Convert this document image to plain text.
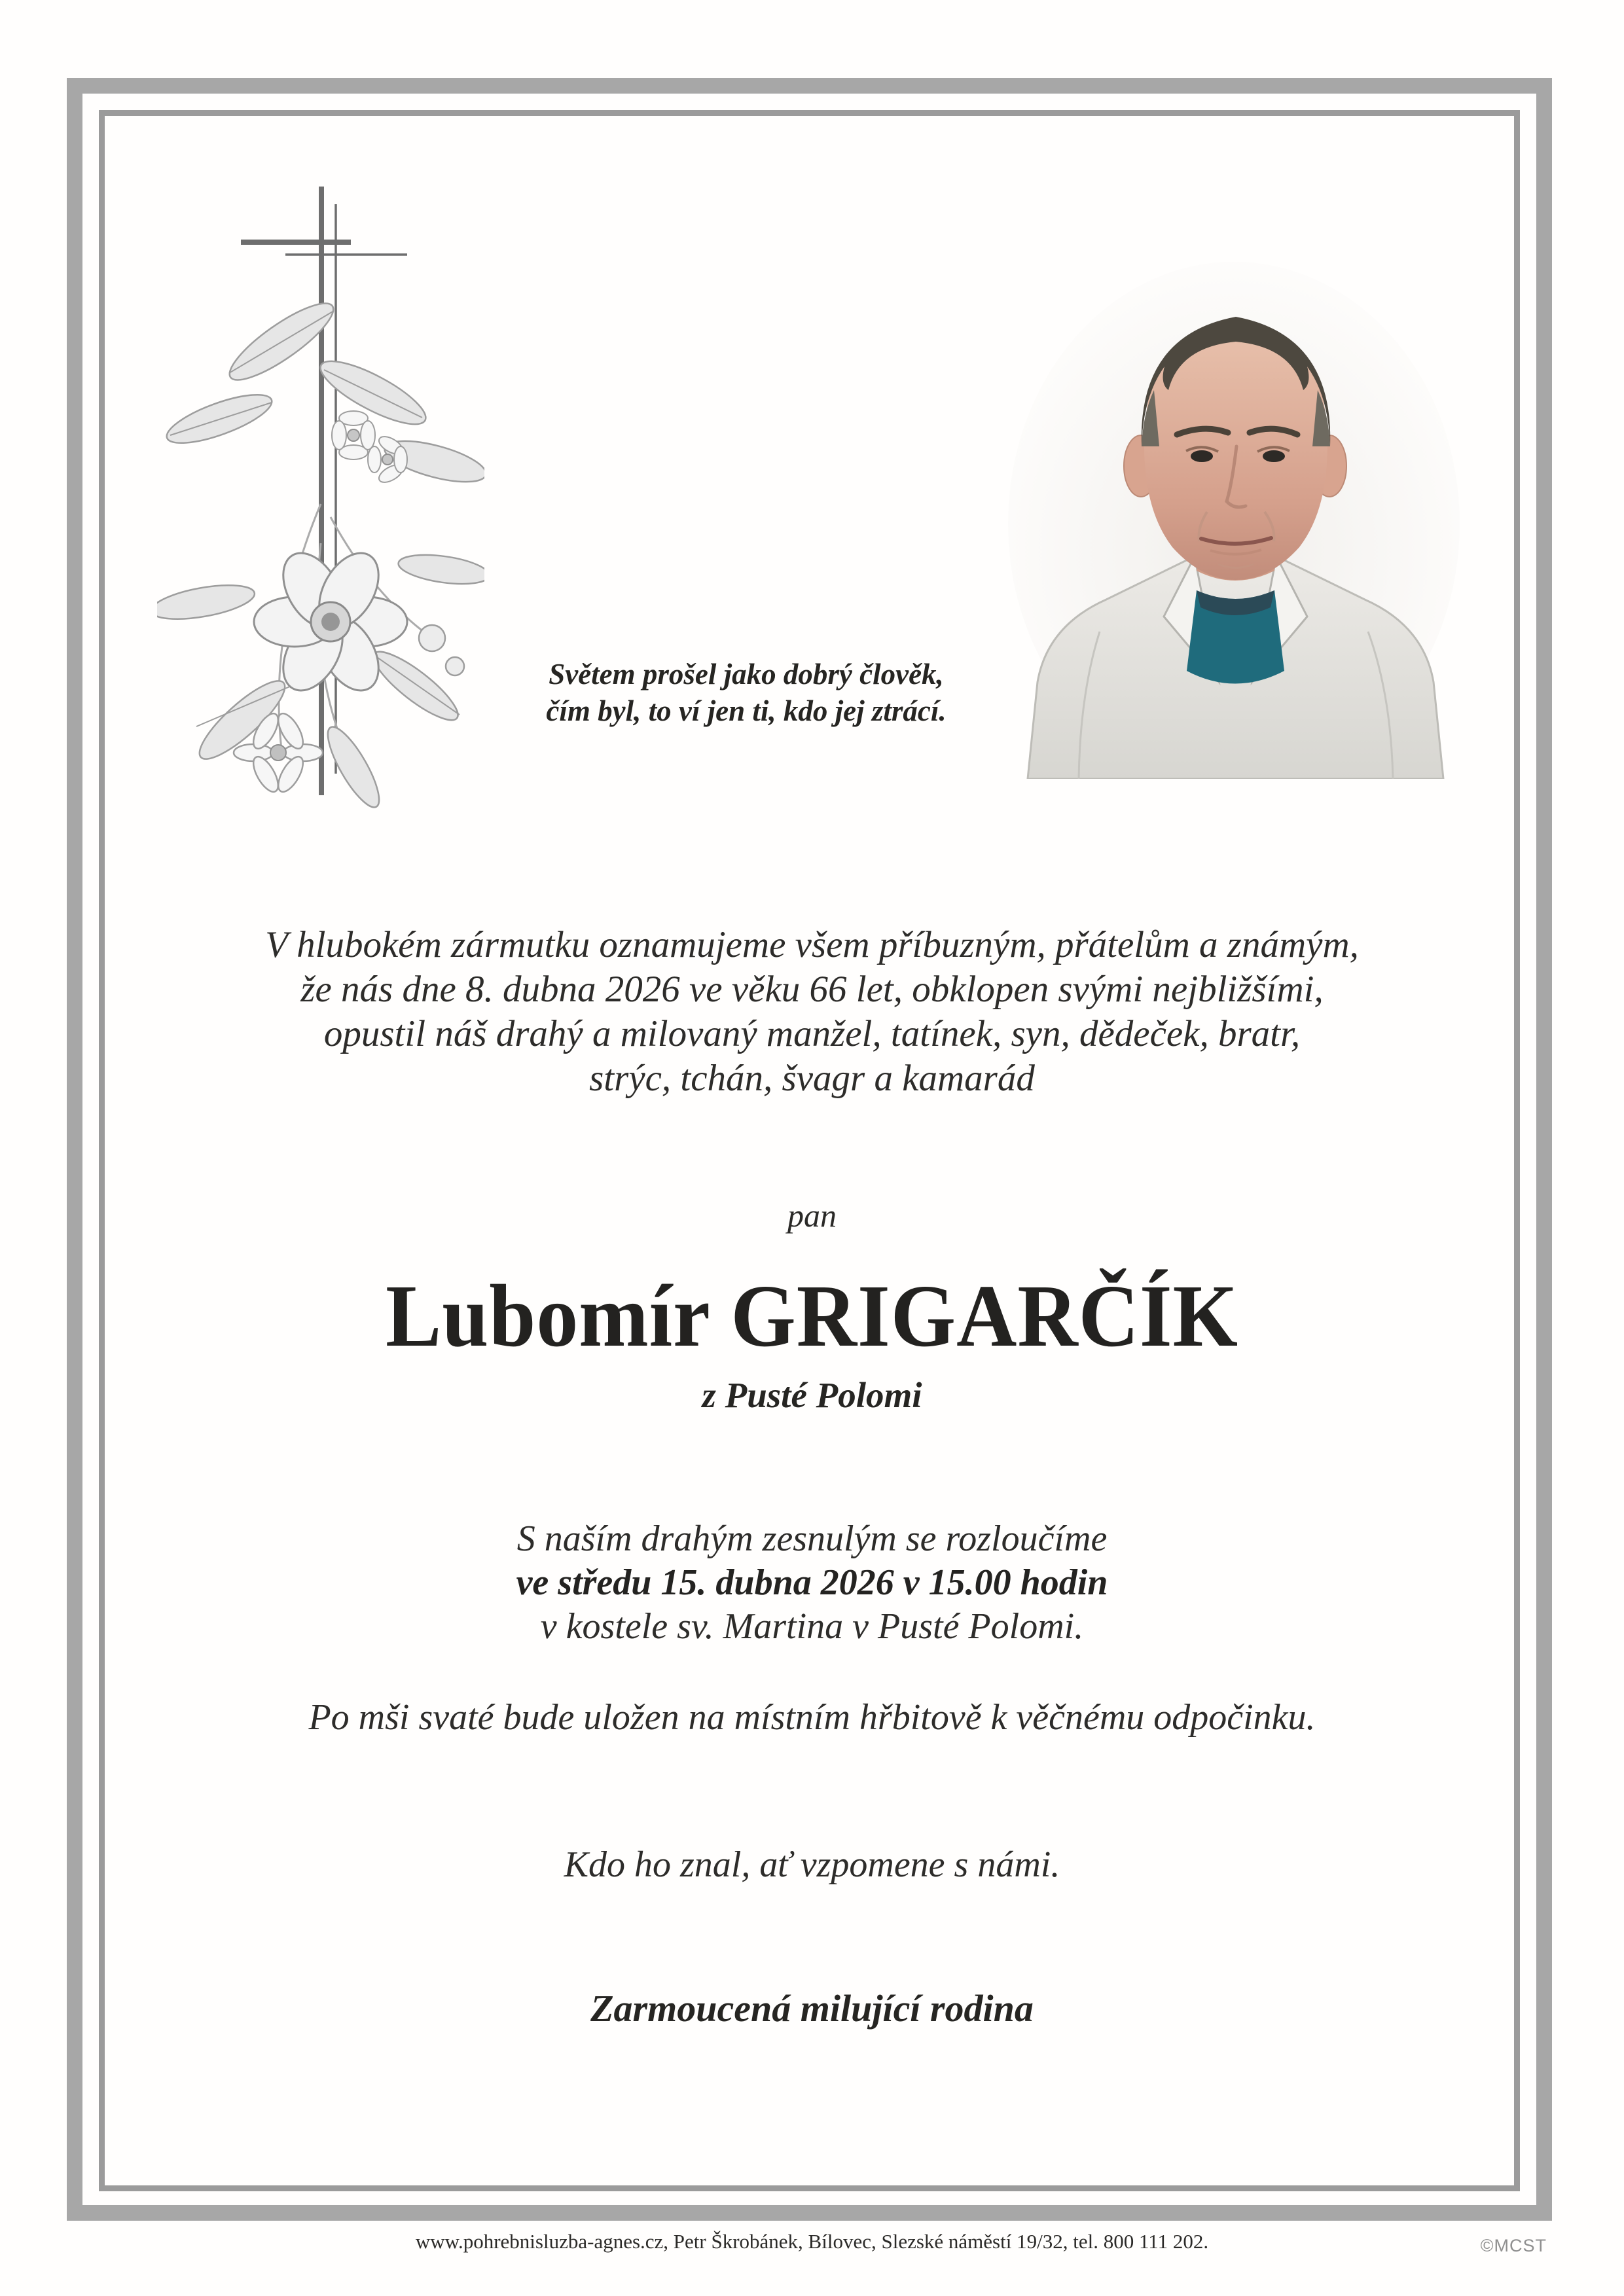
Světem prošel jako dobrý člověk,
čím byl, to ví jen ti, kdo jej ztrácí.
V hlubokém zármutku oznamujeme všem příbuzným, přátelům a známým,
že nás dne 8. dubna 2026 ve věku 66 let, obklopen svými nejbližšími,
opustil náš drahý a milovaný manžel, tatínek, syn, dědeček, bratr,
strýc, tchán, švagr a kamarád
pan
Lubomír GRIGARČÍK
z Pusté Polomi
S naším drahým zesnulým se rozloučíme
ve středu 15. dubna 2026 v 15.00 hodin
v kostele sv. Martina v Pusté Polomi.
Po mši svaté bude uložen na místním hřbitově k věčnému odpočinku.
Kdo ho znal, ať vzpomene s námi.
Zarmoucená milující rodina
www.pohrebnisluzba-agnes.cz, Petr Škrobánek, Bílovec, Slezské náměstí 19/32, tel. 800 111 202.	©MCST
